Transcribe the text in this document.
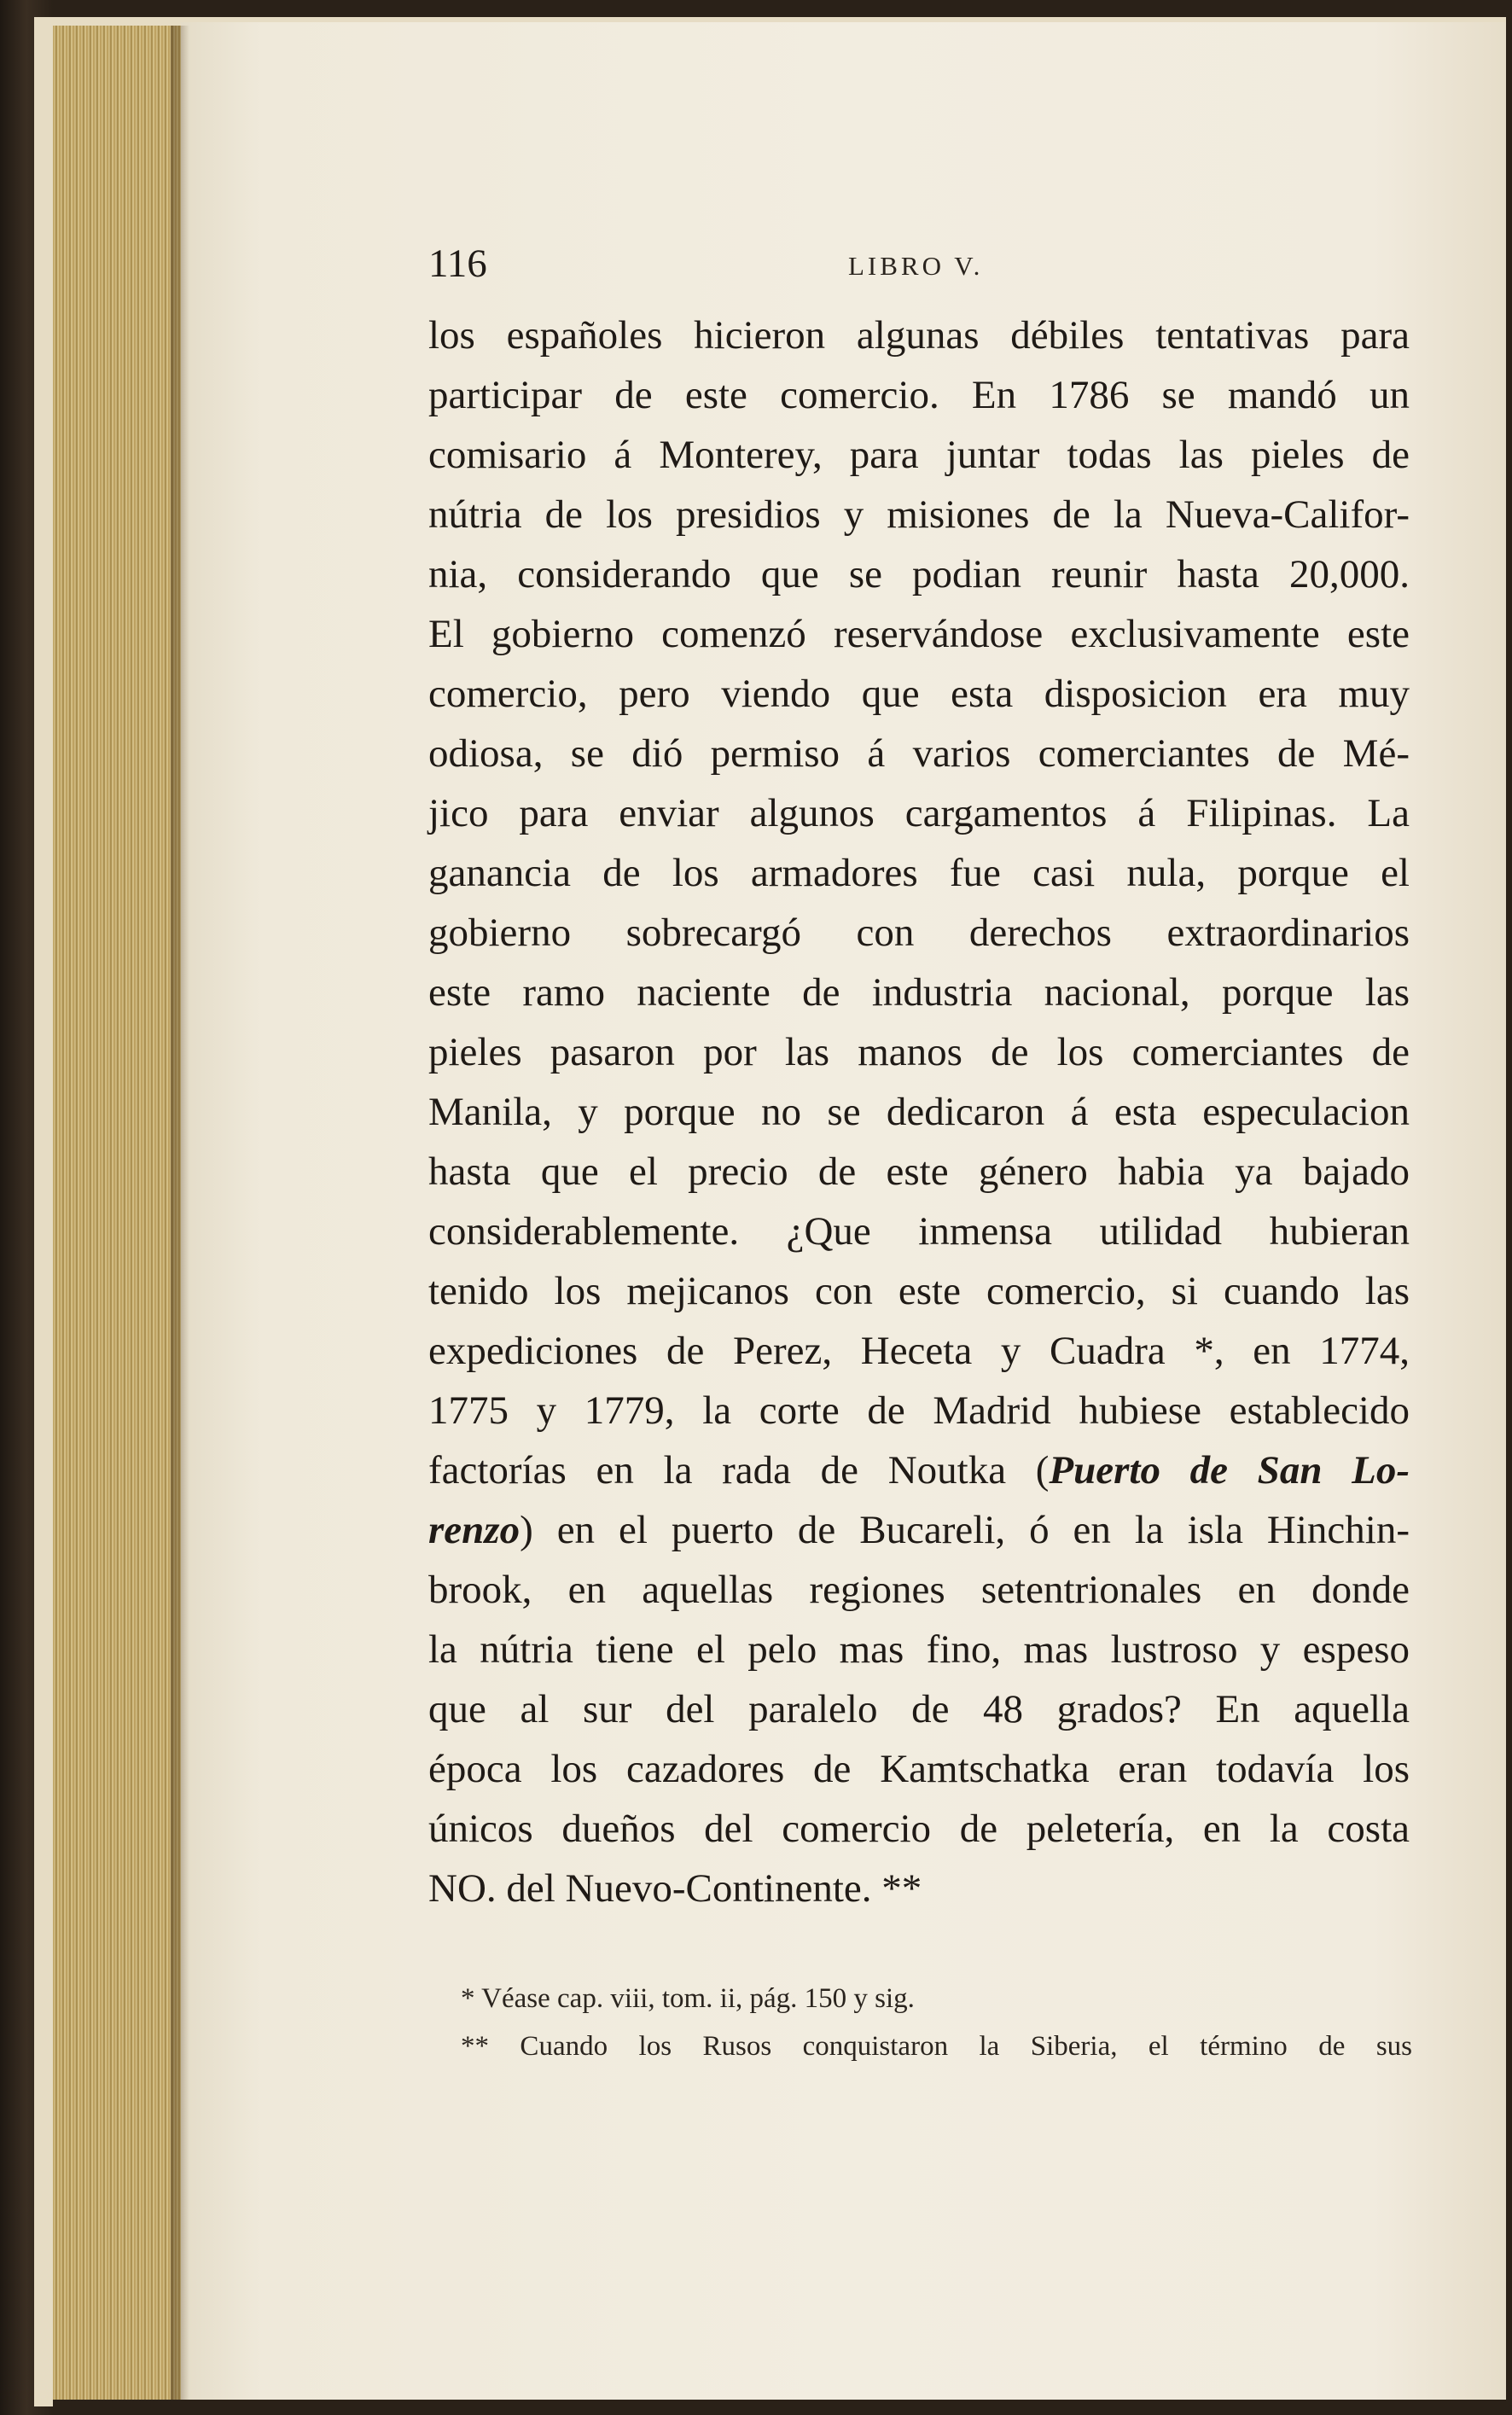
116	LIBRO V.
los españoles hicieron algunas débiles tentativas para
participar de este comercio. En 1786 se mandó un
comisario á Monterey, para juntar todas las pieles de
nútria de los presidios y misiones de la Nueva-Califor-
nia, considerando que se podian reunir hasta 20,000.
El gobierno comenzó reservándose exclusivamente este
comercio, pero viendo que esta disposicion era muy
odiosa, se dió permiso á varios comerciantes de Mé-
jico para enviar algunos cargamentos á Filipinas. La
ganancia de los armadores fue casi nula, porque el
gobierno sobrecargó con derechos extraordinarios
este ramo naciente de industria nacional, porque las
pieles pasaron por las manos de los comerciantes de
Manila, y porque no se dedicaron á esta especulacion
hasta que el precio de este género habia ya bajado
considerablemente. ¿Que inmensa utilidad hubieran
tenido los mejicanos con este comercio, si cuando las
expediciones de Perez, Heceta y Cuadra *, en 1774,
1775 y 1779, la corte de Madrid hubiese establecido
factorías en la rada de Noutka (Puerto de San Lo-
renzo) en el puerto de Bucareli, ó en la isla Hinchin-
brook, en aquellas regiones setentrionales en donde
la nútria tiene el pelo mas fino, mas lustroso y espeso
que al sur del paralelo de 48 grados? En aquella
época los cazadores de Kamtschatka eran todavía los
únicos dueños del comercio de peletería, en la costa
NO. del Nuevo-Continente. **
* Véase cap. viii, tom. ii, pág. 150 y sig.
** Cuando los Rusos conquistaron la Siberia, el término de sus
